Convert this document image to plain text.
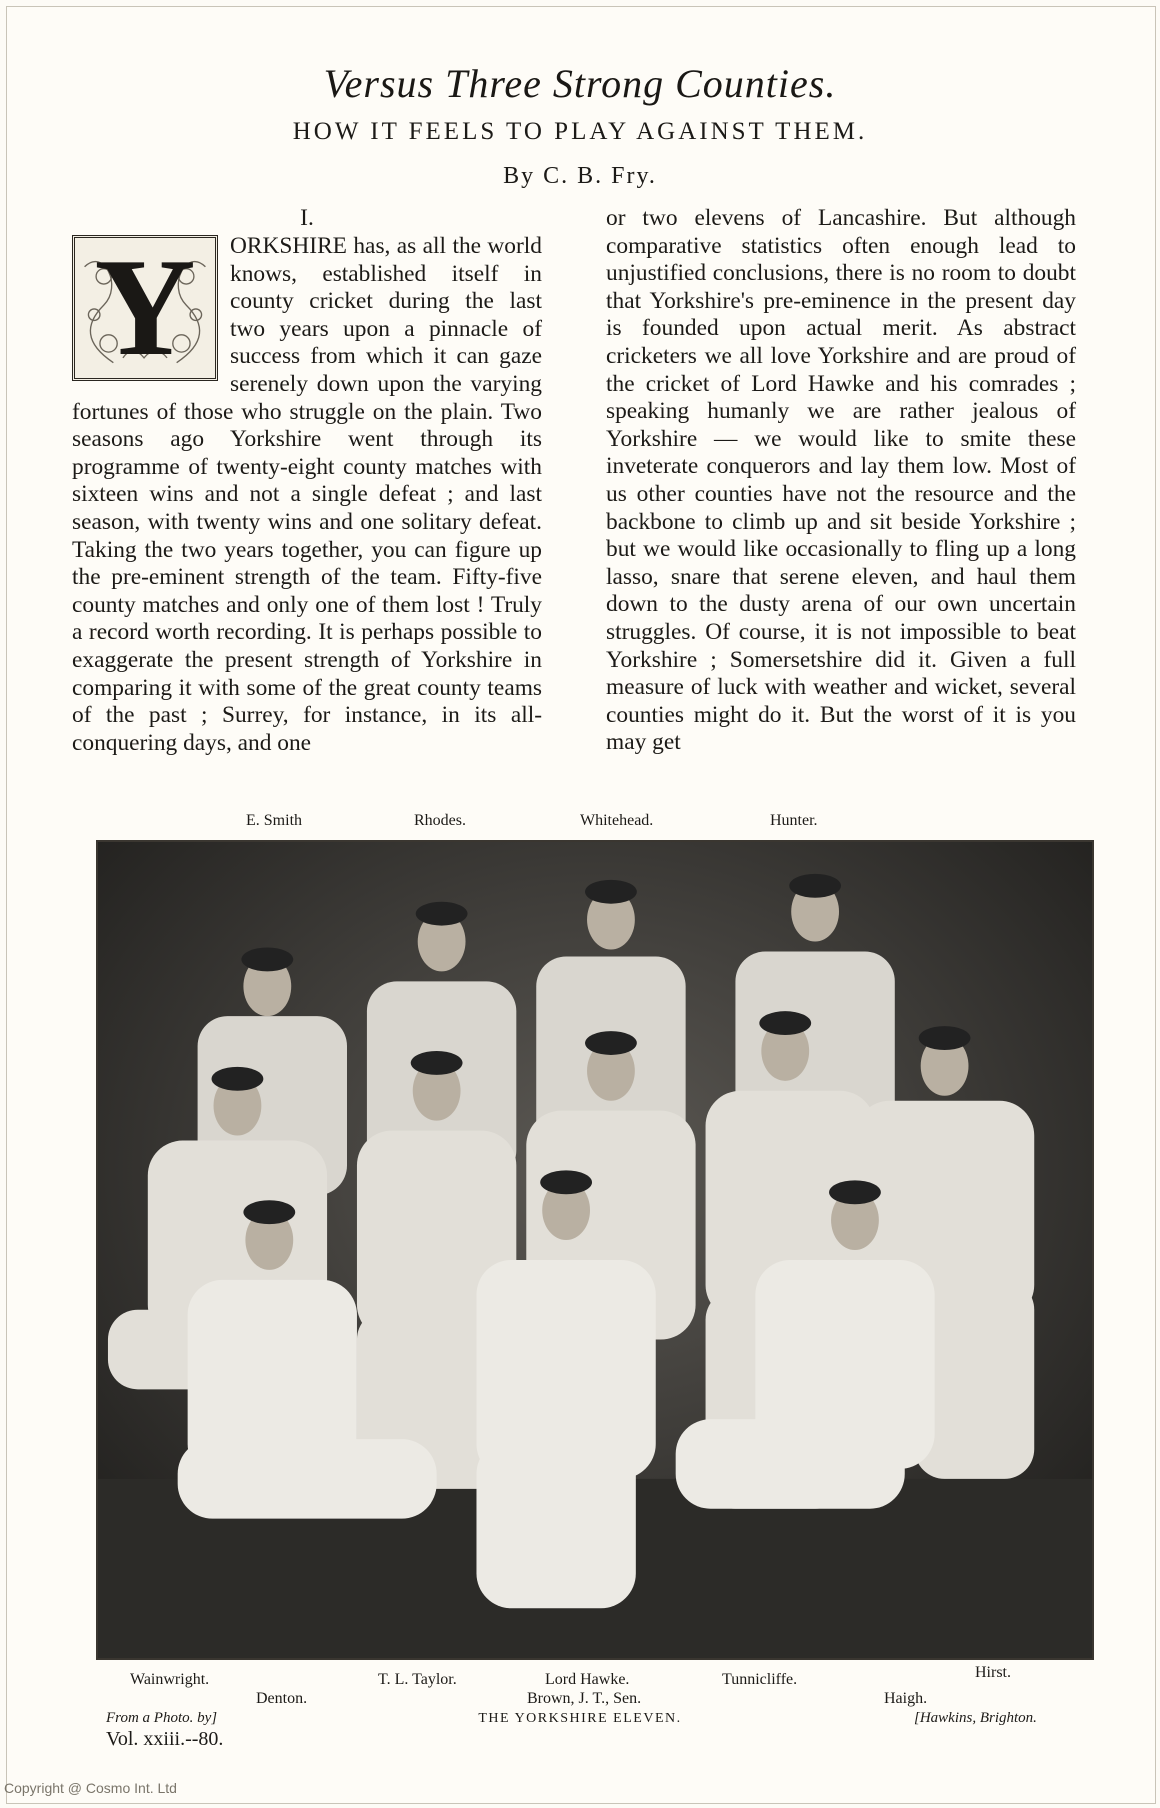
Versus Three Strong Counties.
HOW IT FEELS TO PLAY AGAINST THEM.
By C. B. Fry.
I.
Y	ORKSHIRE has, as all the world knows, established itself in county cricket during the last two years upon a pinnacle of success from which it can gaze serenely down upon the varying fortunes of those who struggle on the plain. Two seasons ago Yorkshire went through its programme of twenty-eight county matches with sixteen wins and not a single defeat ; and last season, with twenty wins and one solitary defeat. Taking the two years together, you can figure up the pre-eminent strength of the team. Fifty-five county matches and only one of them lost ! Truly a record worth recording. It is perhaps possible to exaggerate the present strength of Yorkshire in comparing it with some of the great county teams of the past ; Surrey, for instance, in its all-conquering days, and one

or two elevens of Lancashire. But although comparative statistics often enough lead to unjustified conclusions, there is no room to doubt that Yorkshire's pre-eminence in the present day is founded upon actual merit. As abstract cricketers we all love Yorkshire and are proud of the cricket of Lord Hawke and his comrades ; speaking humanly we are rather jealous of Yorkshire — we would like to smite these inveterate conquerors and lay them low. Most of us other counties have not the resource and the backbone to climb up and sit beside Yorkshire ; but we would like occasionally to fling up a long lasso, snare that serene eleven, and haul them down to the dusty arena of our own uncertain struggles. Of course, it is not impossible to beat Yorkshire ; Somersetshire did it. Given a full measure of luck with weather and wicket, several counties might do it. But the worst of it is you may get

E. Smith	Rhodes.	Whitehead.	Hunter.
Wainwright.	T. L. Taylor.	Lord Hawke.	Tunnicliffe.	Hirst.
Denton.	Brown, J. T., Sen.	Haigh.
From a Photo. by]	[Hawkins, Brighton.
THE YORKSHIRE ELEVEN.
Vol. xxiii.--80.
Copyright @ Cosmo Int. Ltd
